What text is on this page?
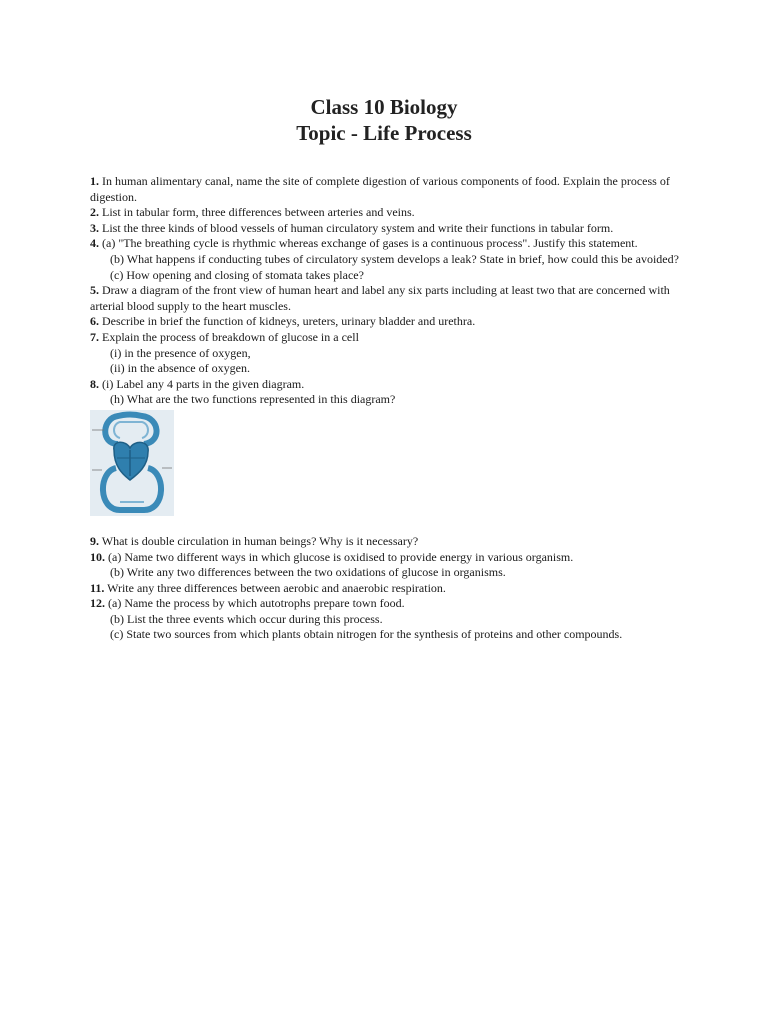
Class 10 Biology
Topic - Life Process

1. In human alimentary canal, name the site of complete digestion of various components of food. Explain the process of digestion.

2. List in tabular form, three differences between arteries and veins.

3. List the three kinds of blood vessels of human circulatory system and write their functions in tabular form.

4. (a) "The breathing cycle is rhythmic whereas exchange of gases is a continuous process". Justify this statement.

(b) What happens if conducting tubes of circulatory system develops a leak? State in brief, how could this be avoided?

(c) How opening and closing of stomata takes place?

5. Draw a diagram of the front view of human heart and label any six parts including at least two that are concerned with arterial blood supply to the heart muscles.

6. Describe in brief the function of kidneys, ureters, urinary bladder and urethra.

7. Explain the process of breakdown of glucose in a cell

(i) in the presence of oxygen,

(ii) in the absence of oxygen.

8. (i) Label any 4 parts in the given diagram.

(h) What are the two functions represented in this diagram?

9. What is double circulation in human beings? Why is it necessary?

10. (a) Name two different ways in which glucose is oxidised to provide energy in various organism.

(b) Write any two differences between the two oxidations of glucose in organisms.

11. Write any three differences between aerobic and anaerobic respiration.

12. (a) Name the process by which autotrophs prepare town food.

(b) List the three events which occur during this process.

(c) State two sources from which plants obtain nitrogen for the synthesis of proteins and other compounds.
